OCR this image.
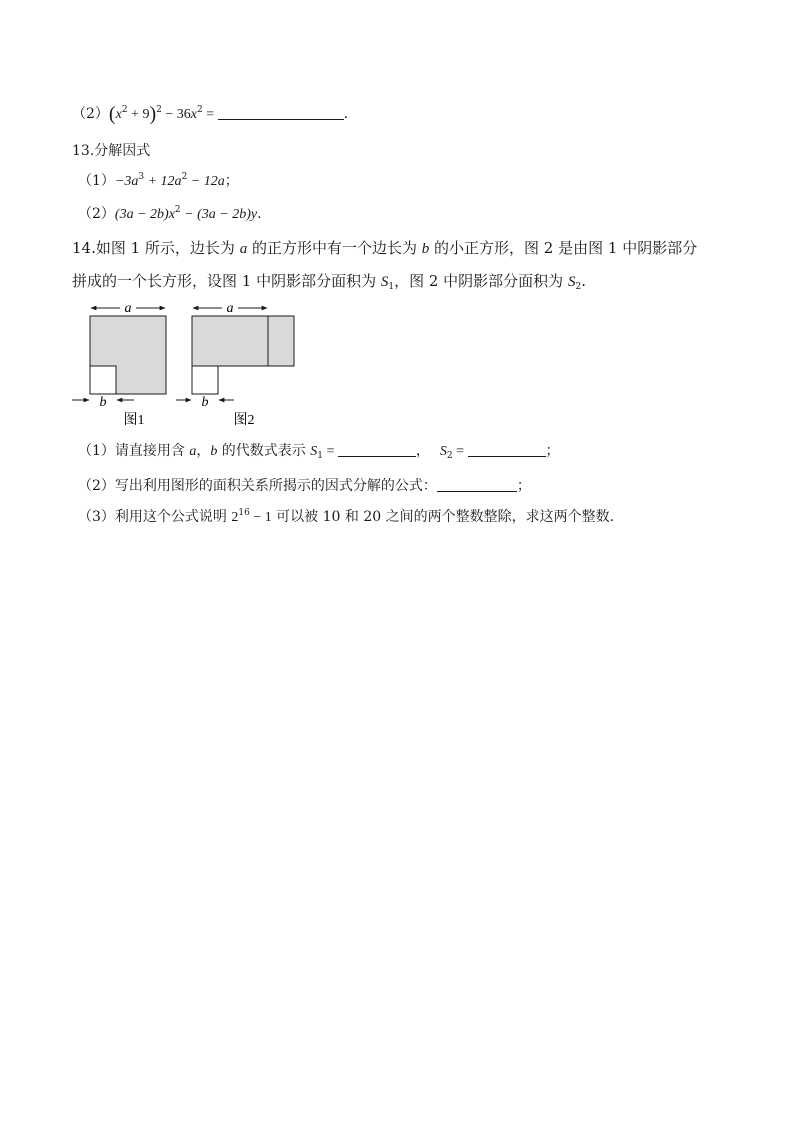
$(2)(x^2 + 9)^2 - 36x^2$ =	.
13.分解因式
$(1)-3a^3 + 12a^2 - 12a$；
$(2)(3a - 2b)x^2 - (3a - 2b)y$.
14.如图 1 所示，边长为 a 的正方形中有一个边长为 b 的小正方形，图 2 是由图 1 中阴影部分
拼成的一个长方形，设图 1 中阴影部分面积为 $S_1$，图 2 中阴影部分面积为 $S_2$.
a
b
图1
a
b
图2
（1）请直接用含 a，b 的代数式表示 $S_1$ =	， $S_2$ =	；
（2）写出利用图形的面积关系所揭示的因式分解的公式：	；
（3）利用这个公式说明 $2^{16} - 1$ 可以被 10 和 20 之间的两个整数整除，求这两个整数.
